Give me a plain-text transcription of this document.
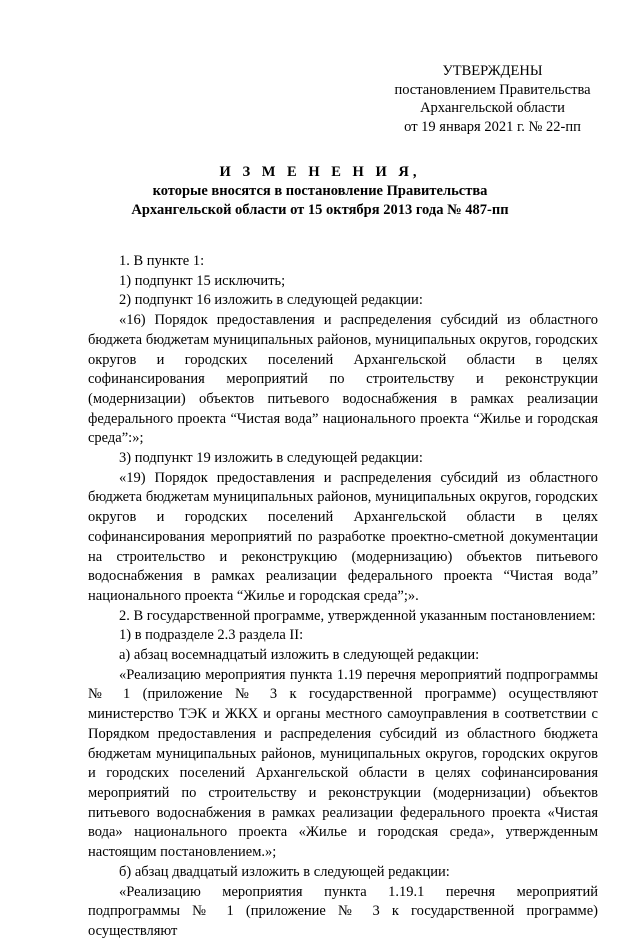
УТВЕРЖДЕНЫ
постановлением Правительства
Архангельской области
от 19 января 2021 г. № 22-пп
И З М Е Н Е Н И Я,
которые вносятся в постановление Правительства
Архангельской области от 15 октября 2013 года № 487-пп

1. В пункте 1:

1) подпункт 15 исключить;

2) подпункт 16 изложить в следующей редакции:

«16) Порядок предоставления и распределения субсидий из областного бюджета бюджетам муниципальных районов, муниципальных округов, городских округов и городских поселений Архангельской области в целях софинансирования мероприятий по строительству и реконструкции (модернизации) объектов питьевого водоснабжения в рамках реализации федерального проекта “Чистая вода” национального проекта “Жилье и городская среда”:»;

3) подпункт 19 изложить в следующей редакции:

«19) Порядок предоставления и распределения субсидий из областного бюджета бюджетам муниципальных районов, муниципальных округов, городских округов и городских поселений Архангельской области в целях софинансирования мероприятий по разработке проектно-сметной документации на строительство и реконструкцию (модернизацию) объектов питьевого водоснабжения в рамках реализации федерального проекта “Чистая вода” национального проекта “Жилье и городская среда”;».

2. В государственной программе, утвержденной указанным постановлением:

1) в подразделе 2.3 раздела II:

а) абзац восемнадцатый изложить в следующей редакции:

«Реализацию мероприятия пункта 1.19 перечня мероприятий подпрограммы № 1 (приложение № 3 к государственной программе) осуществляют министерство ТЭК и ЖКХ и органы местного самоуправления в соответствии с Порядком предоставления и распределения субсидий из областного бюджета бюджетам муниципальных районов, муниципальных округов, городских округов и городских поселений Архангельской области в целях софинансирования мероприятий по строительству и реконструкции (модернизации) объектов питьевого водоснабжения в рамках реализации федерального проекта «Чистая вода» национального проекта «Жилье и городская среда», утвержденным настоящим постановлением.»;

б) абзац двадцатый изложить в следующей редакции:

«Реализацию мероприятия пункта 1.19.1 перечня мероприятий подпрограммы № 1 (приложение № 3 к государственной программе) осуществляют
